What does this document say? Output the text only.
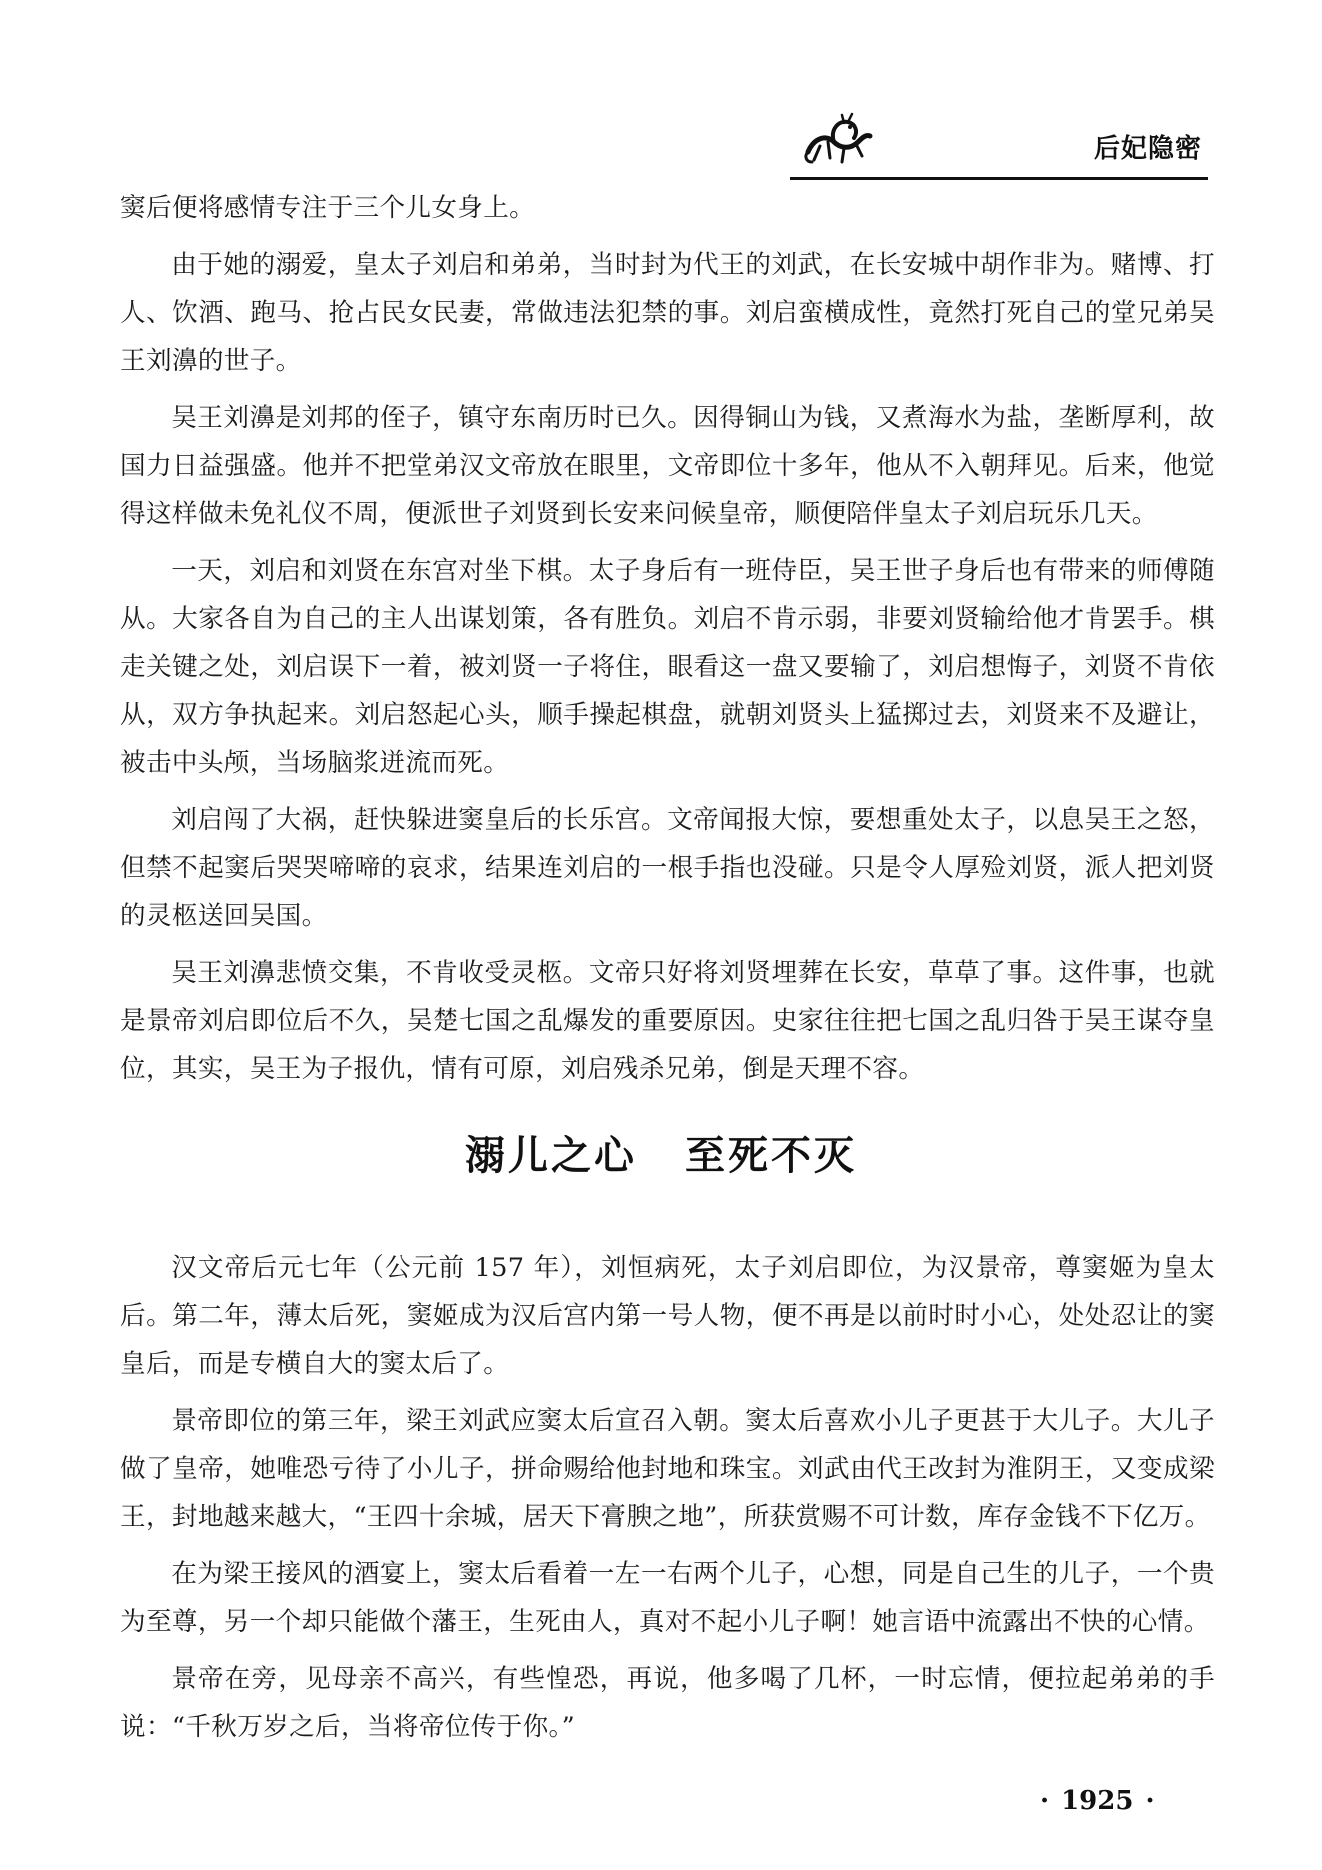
后妃隐密

窦后便将感情专注于三个儿女身上。

由于她的溺爱，皇太子刘启和弟弟，当时封为代王的刘武，在长安城中胡作非为。赌博、打人、饮酒、跑马、抢占民女民妻，常做违法犯禁的事。刘启蛮横成性，竟然打死自己的堂兄弟吴王刘濞的世子。

吴王刘濞是刘邦的侄子，镇守东南历时已久。因得铜山为钱，又煮海水为盐，垄断厚利，故国力日益强盛。他并不把堂弟汉文帝放在眼里，文帝即位十多年，他从不入朝拜见。后来，他觉得这样做未免礼仪不周，便派世子刘贤到长安来问候皇帝，顺便陪伴皇太子刘启玩乐几天。

一天，刘启和刘贤在东宫对坐下棋。太子身后有一班侍臣，吴王世子身后也有带来的师傅随从。大家各自为自己的主人出谋划策，各有胜负。刘启不肯示弱，非要刘贤输给他才肯罢手。棋走关键之处，刘启误下一着，被刘贤一子将住，眼看这一盘又要输了，刘启想悔子，刘贤不肯依从，双方争执起来。刘启怒起心头，顺手操起棋盘，就朝刘贤头上猛掷过去，刘贤来不及避让，被击中头颅，当场脑浆迸流而死。

刘启闯了大祸，赶快躲进窦皇后的长乐宫。文帝闻报大惊，要想重处太子，以息吴王之怒，但禁不起窦后哭哭啼啼的哀求，结果连刘启的一根手指也没碰。只是令人厚殓刘贤，派人把刘贤的灵柩送回吴国。

吴王刘濞悲愤交集，不肯收受灵柩。文帝只好将刘贤埋葬在长安，草草了事。这件事，也就是景帝刘启即位后不久，吴楚七国之乱爆发的重要原因。史家往往把七国之乱归咎于吴王谋夺皇位，其实，吴王为子报仇，情有可原，刘启残杀兄弟，倒是天理不容。

溺儿之心 至死不灭

汉文帝后元七年（公元前 157 年），刘恒病死，太子刘启即位，为汉景帝，尊窦姬为皇太后。第二年，薄太后死，窦姬成为汉后宫内第一号人物，便不再是以前时时小心，处处忍让的窦皇后，而是专横自大的窦太后了。

景帝即位的第三年，梁王刘武应窦太后宣召入朝。窦太后喜欢小儿子更甚于大儿子。大儿子做了皇帝，她唯恐亏待了小儿子，拼命赐给他封地和珠宝。刘武由代王改封为淮阴王，又变成梁王，封地越来越大，“王四十余城，居天下膏腴之地”，所获赏赐不可计数，库存金钱不下亿万。

在为梁王接风的酒宴上，窦太后看着一左一右两个儿子，心想，同是自己生的儿子，一个贵为至尊，另一个却只能做个藩王，生死由人，真对不起小儿子啊！她言语中流露出不快的心情。

景帝在旁，见母亲不高兴，有些惶恐，再说，他多喝了几杯，一时忘情，便拉起弟弟的手说：“千秋万岁之后，当将帝位传于你。”

· 1925 ·
